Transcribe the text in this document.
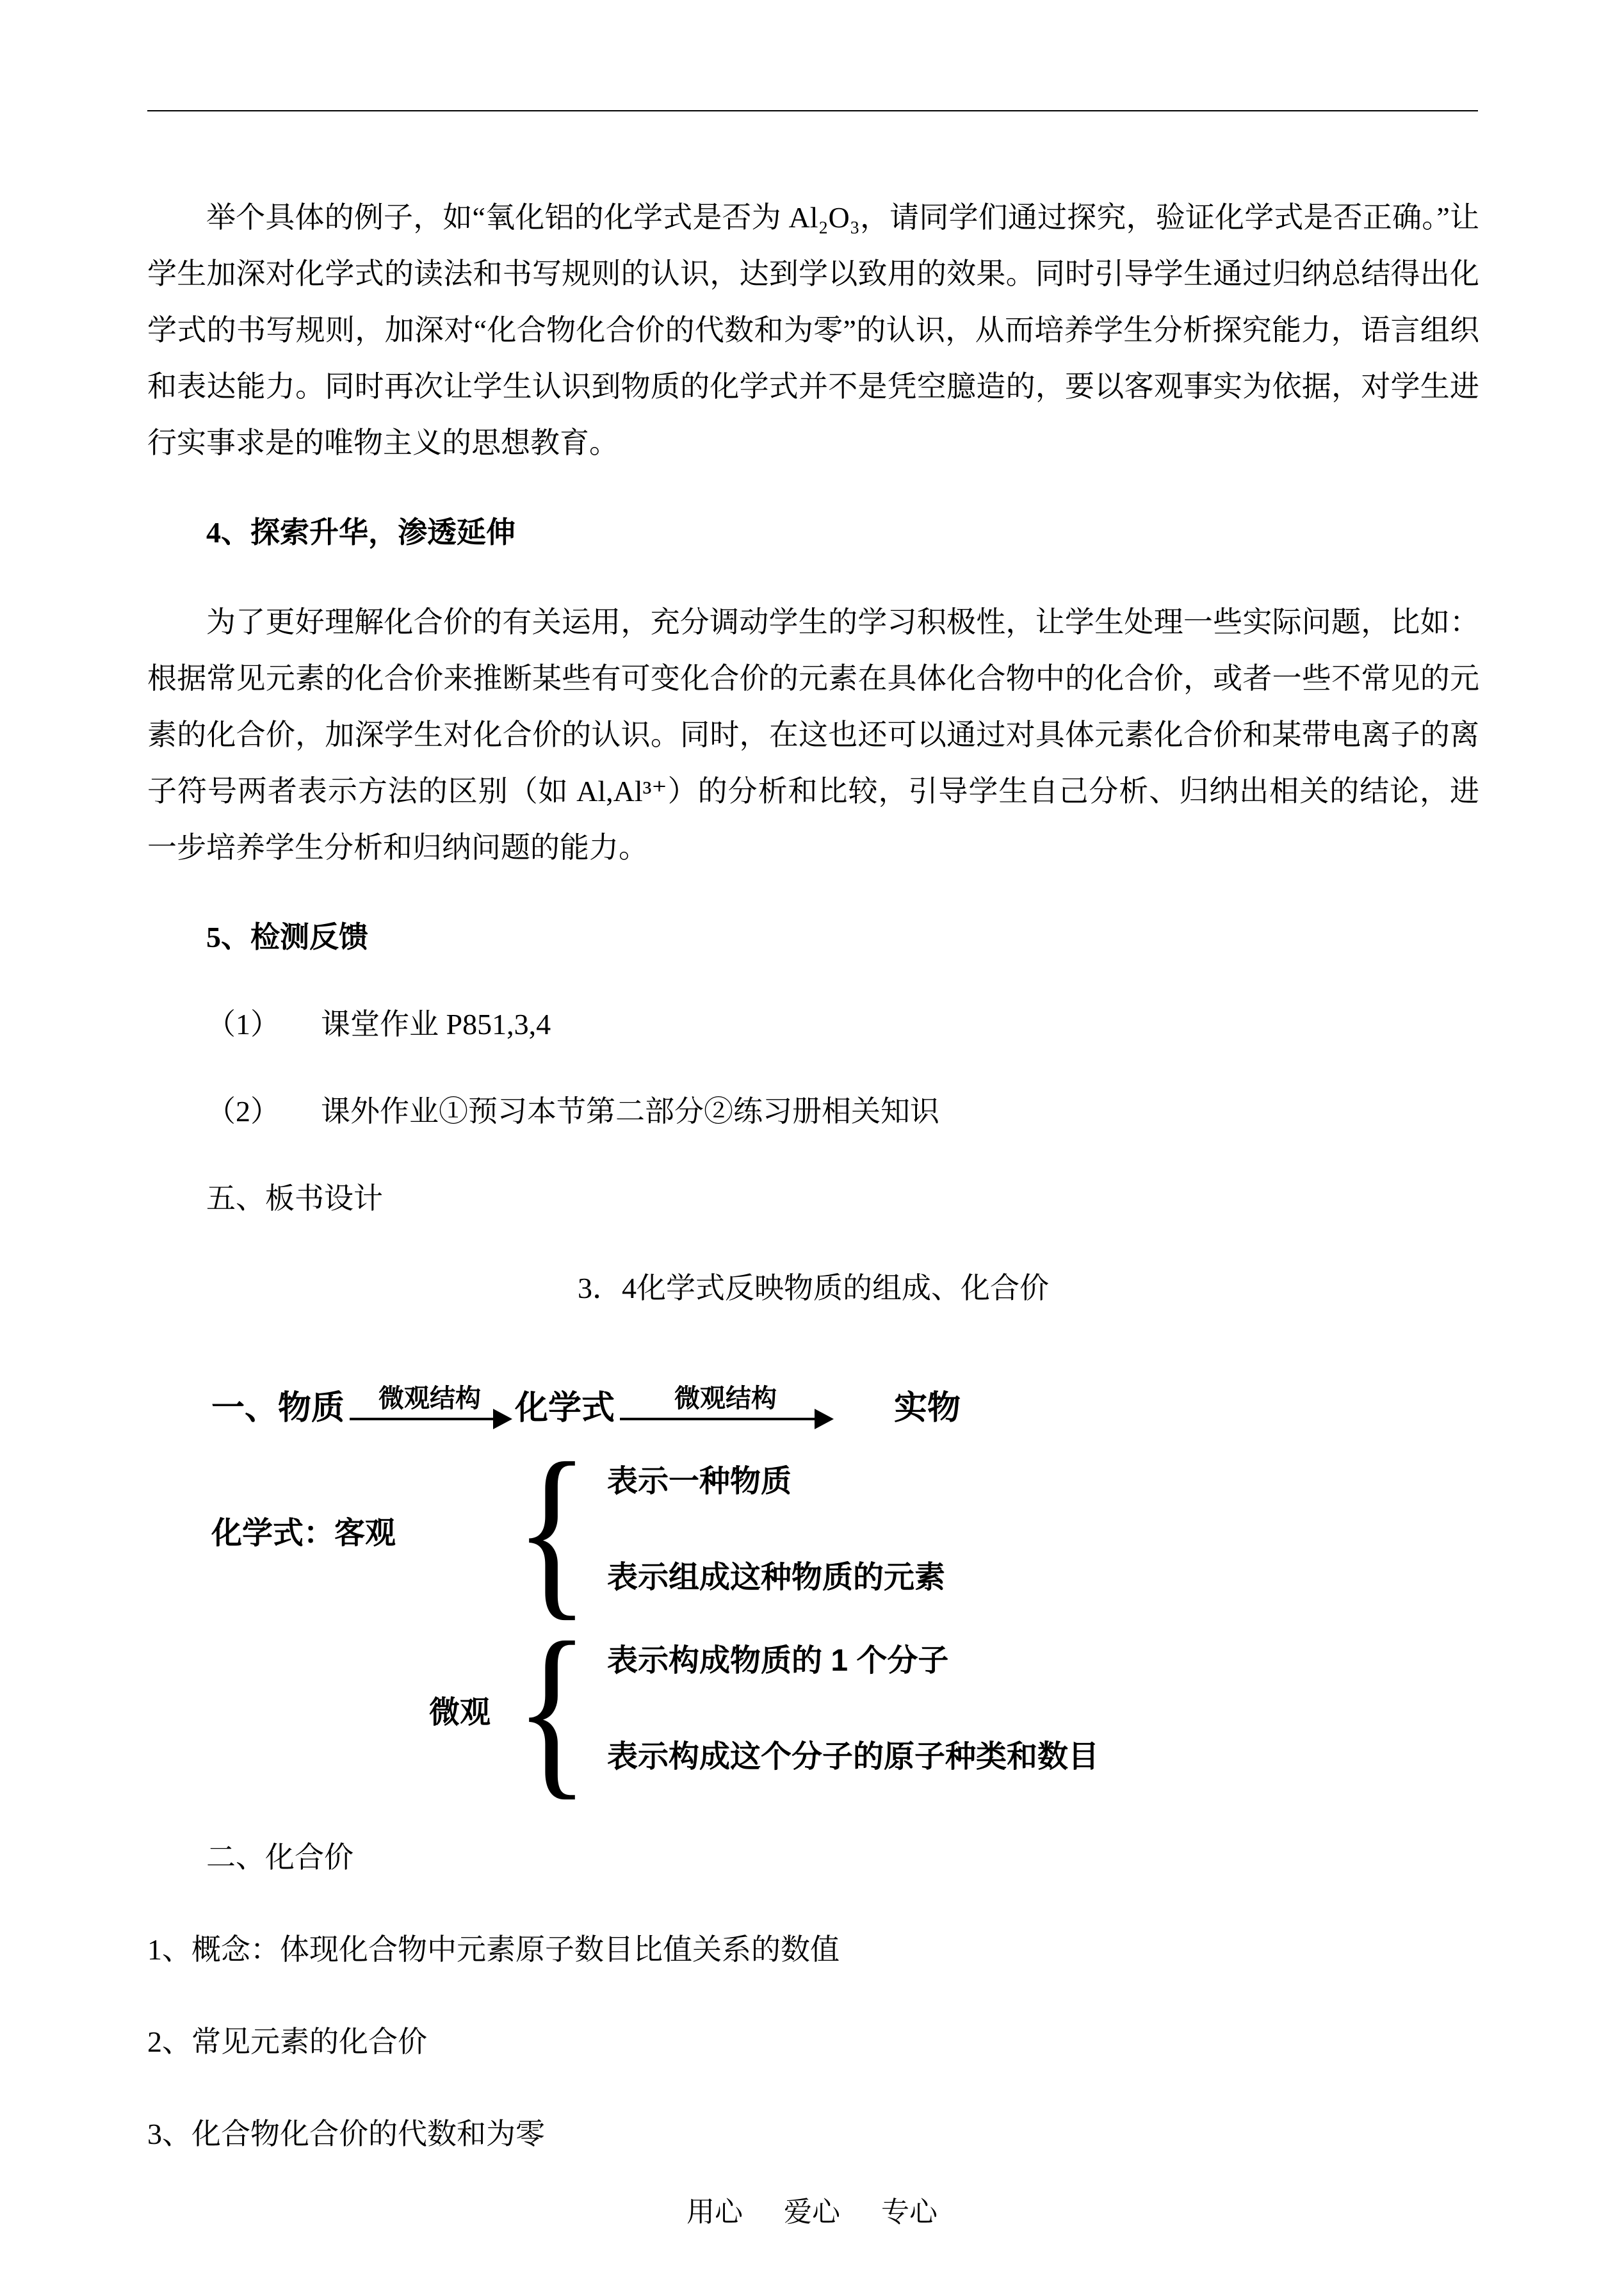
举个具体的例子，如“氧化铝的化学式是否为 Al₂O₃，请同学们通过探究，验证化学式是否正确。”让学生加深对化学式的读法和书写规则的认识，达到学以致用的效果。同时引导学生通过归纳总结得出化学式的书写规则，加深对“化合物化合价的代数和为零”的认识，从而培养学生分析探究能力，语言组织和表达能力。同时再次让学生认识到物质的化学式并不是凭空臆造的，要以客观事实为依据，对学生进行实事求是的唯物主义的思想教育。

4、探索升华，渗透延伸

为了更好理解化合价的有关运用，充分调动学生的学习积极性，让学生处理一些实际问题，比如：根据常见元素的化合价来推断某些有可变化合价的元素在具体化合物中的化合价，或者一些不常见的元素的化合价，加深学生对化合价的认识。同时，在这也还可以通过对具体元素化合价和某带电离子的离子符号两者表示方法的区别（如 Al,Al³⁺）的分析和比较，引导学生自己分析、归纳出相关的结论，进一步培养学生分析和归纳问题的能力。

5、检测反馈

（1） 课堂作业 P851,3,4

（2） 课外作业①预习本节第二部分②练习册相关知识

五、板书设计

3．4化学式反映物质的组成、化合价

一、物质 微观结构 化学式 微观结构	实物
化学式：客观 { 表示一种物质
表示组成这种物质的元素
微观 { 表示构成物质的 1 个分子
表示构成这个分子的原子种类和数目

二、化合价

1、概念：体现化合物中元素原子数目比值关系的数值

2、常见元素的化合价

3、化合物化合价的代数和为零

用心 爱心 专心
